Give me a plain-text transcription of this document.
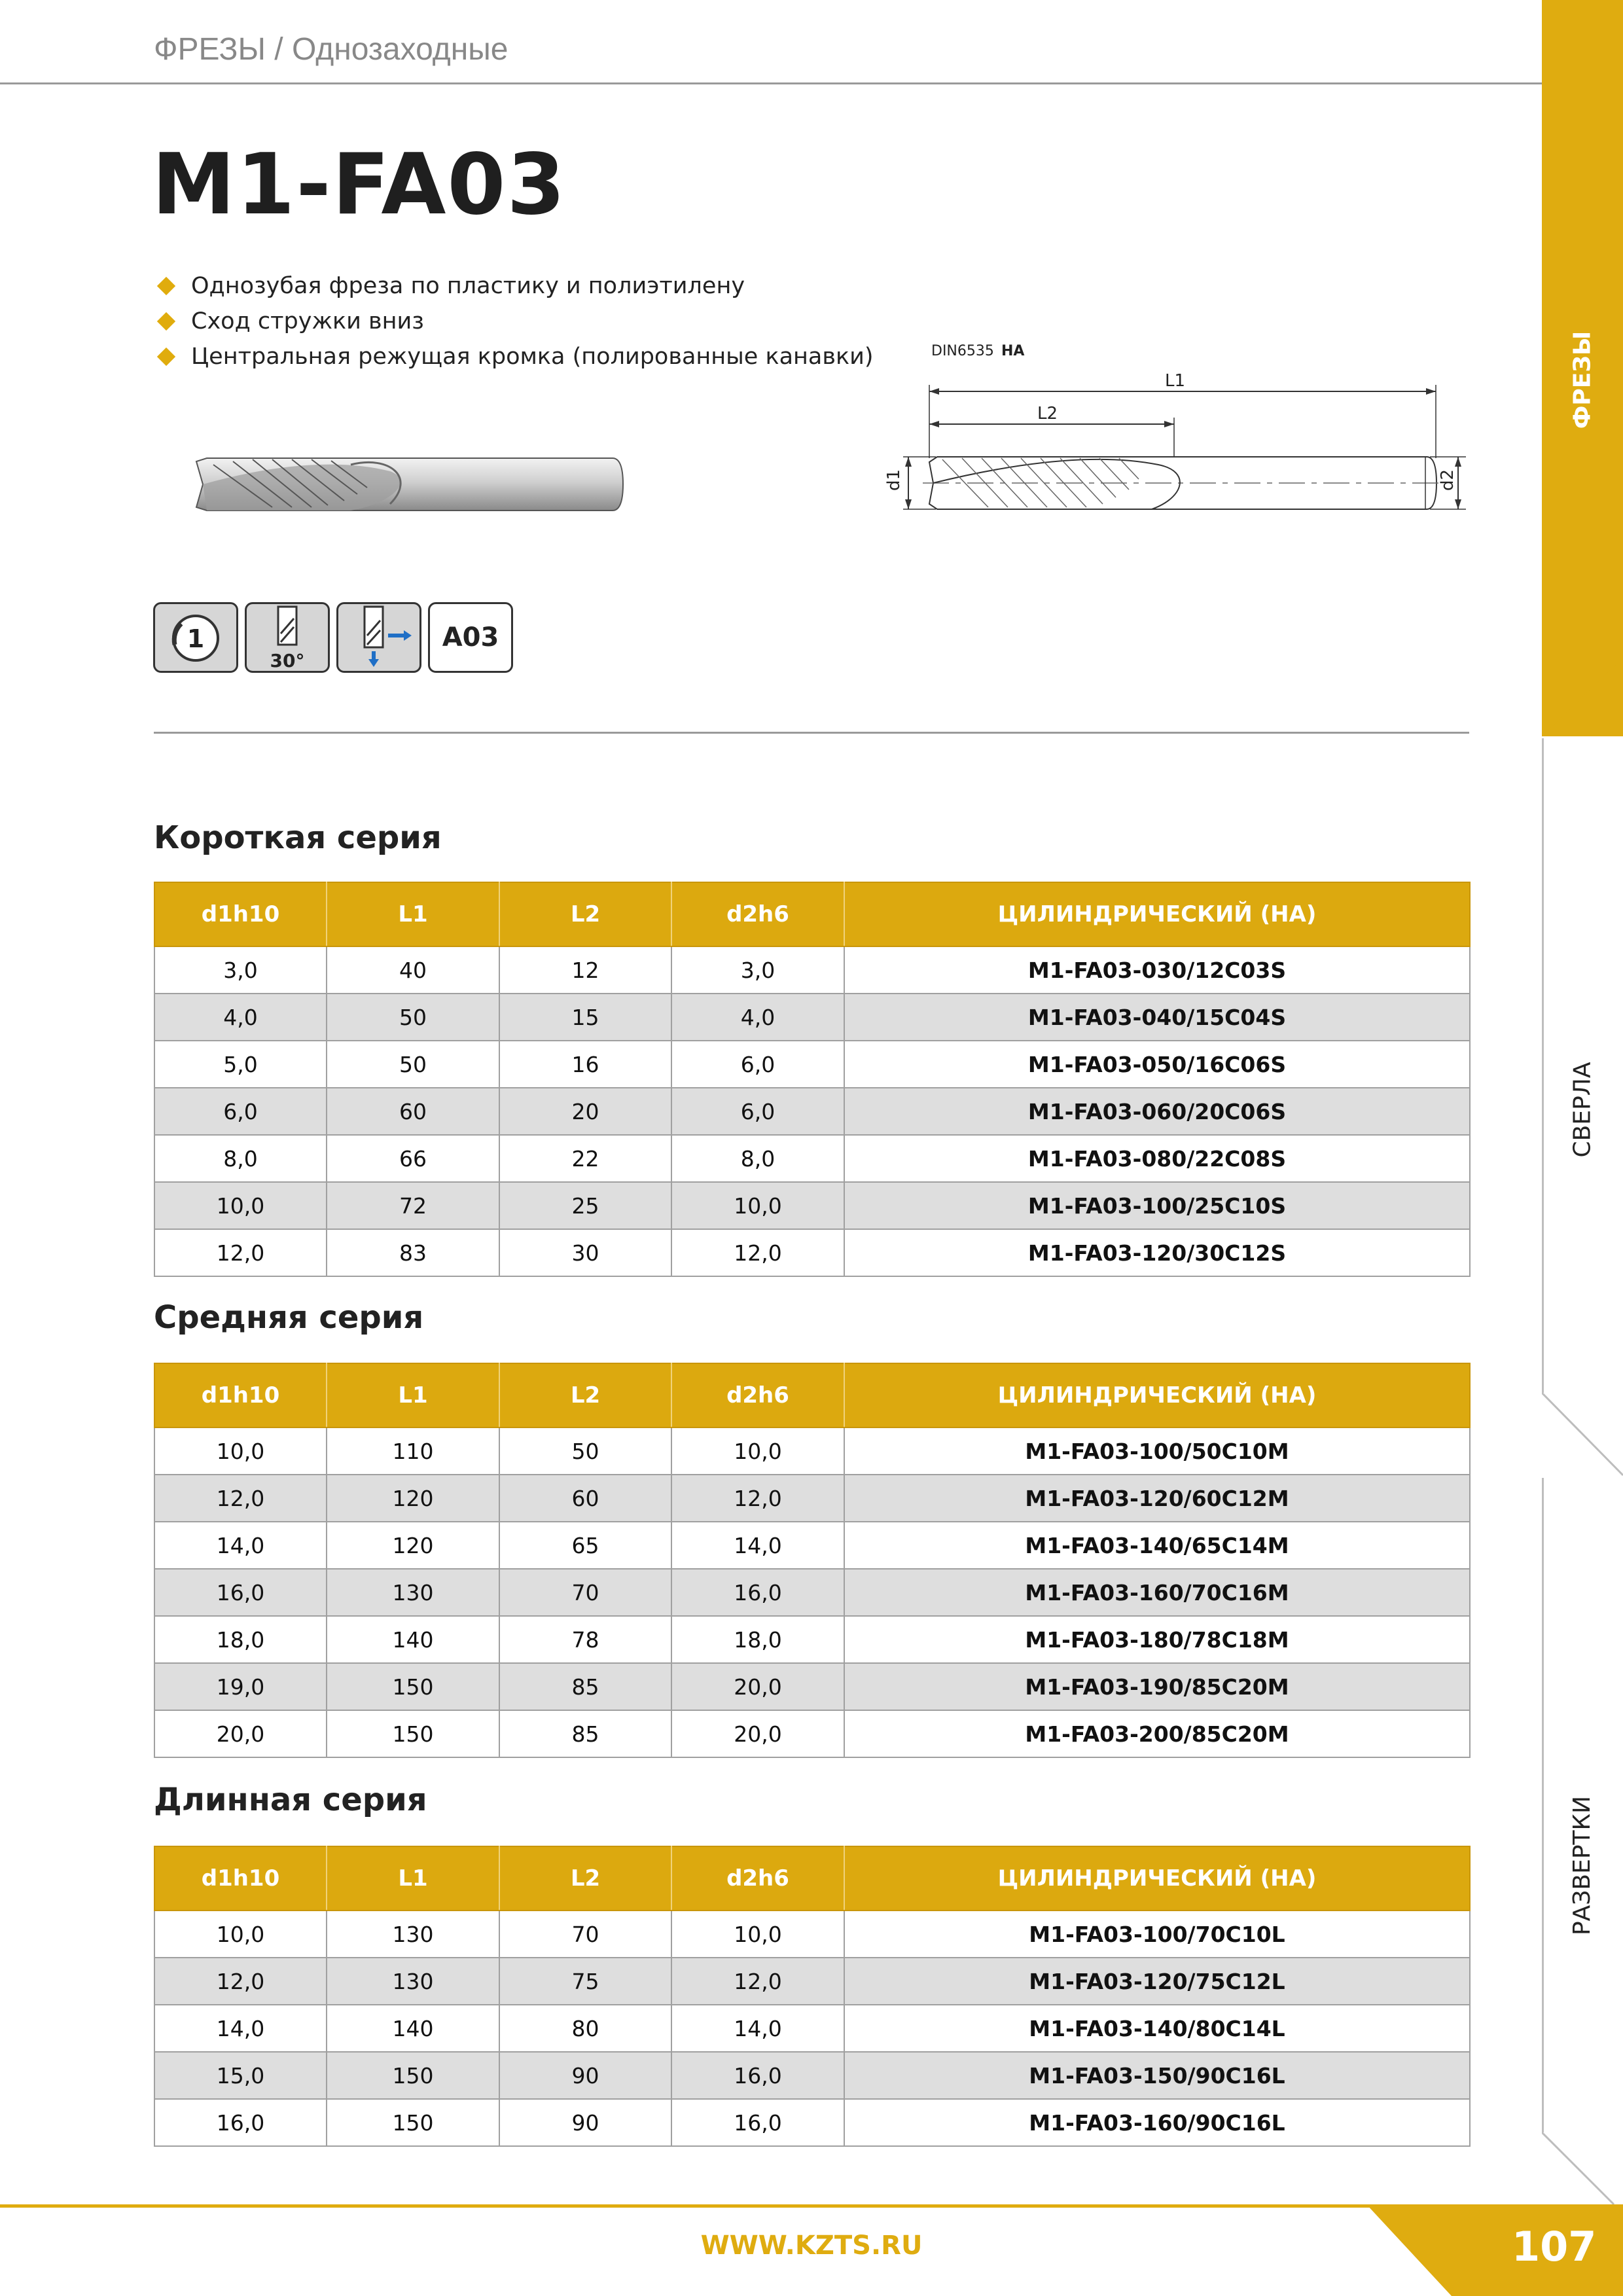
ФРЕЗЫ / Однозаходные
M1-FA03
Однозубая фреза по пластику и полиэтилену
Сход стружки вниз
Центральная режущая кромка (полированные канавки)	DIN6535 HA
L1
L2
d1	d2
1
30°
A03
Короткая серия
d1h10	L1	L2	d2h6	ЦИЛИНДРИЧЕСКИЙ (HA)
3,0	40	12	3,0	M1-FA03-030/12C03S
4,0	50	15	4,0	M1-FA03-040/15C04S
5,0	50	16	6,0	M1-FA03-050/16C06S
6,0	60	20	6,0	M1-FA03-060/20C06S
8,0	66	22	8,0	M1-FA03-080/22C08S
10,0	72	25	10,0	M1-FA03-100/25C10S
12,0	83	30	12,0	M1-FA03-120/30C12S
Средняя серия
d1h10	L1	L2	d2h6	ЦИЛИНДРИЧЕСКИЙ (HA)
10,0	110	50	10,0	M1-FA03-100/50C10M
12,0	120	60	12,0	M1-FA03-120/60C12M
14,0	120	65	14,0	M1-FA03-140/65C14M
16,0	130	70	16,0	M1-FA03-160/70C16M
18,0	140	78	18,0	M1-FA03-180/78C18M
19,0	150	85	20,0	M1-FA03-190/85C20M
20,0	150	85	20,0	M1-FA03-200/85C20M
Длинная серия
d1h10	L1	L2	d2h6	ЦИЛИНДРИЧЕСКИЙ (HA)
10,0	130	70	10,0	M1-FA03-100/70C10L
12,0	130	75	12,0	M1-FA03-120/75C12L
14,0	140	80	14,0	M1-FA03-140/80C14L
15,0	150	90	16,0	M1-FA03-150/90C16L
16,0	150	90	16,0	M1-FA03-160/90C16L
ФРЕЗЫ
СВЕРЛА
РАЗВЕРТКИ
WWW.KZTS.RU	107
